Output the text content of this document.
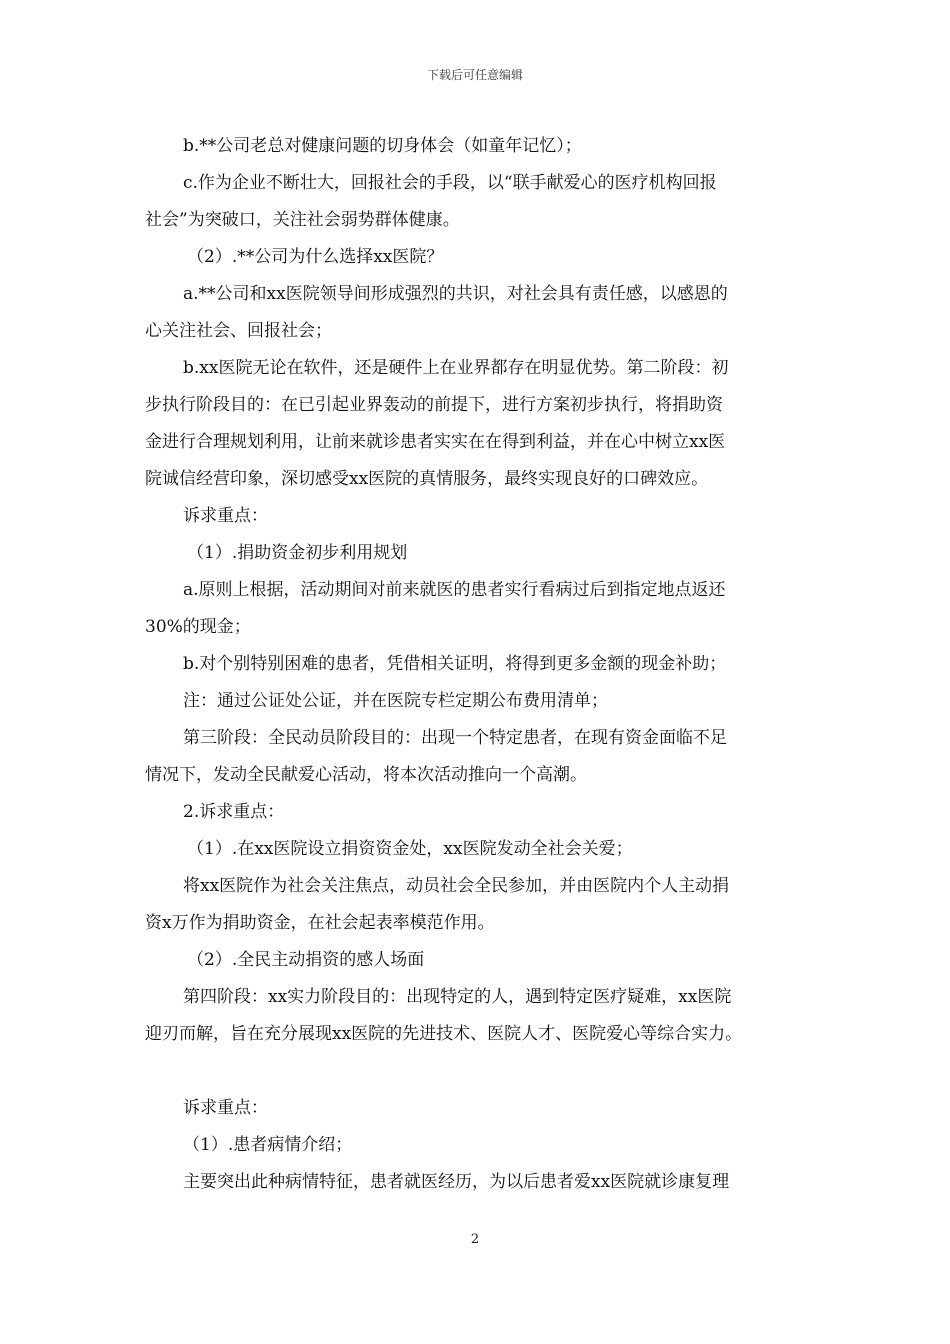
下载后可任意编辑

b.**公司老总对健康问题的切身体会（如童年记忆）；

c.作为企业不断壮大，回报社会的手段，以“联手献爱心的医疗机构回报

社会”为突破口，关注社会弱势群体健康。

（2）.**公司为什么选择xx医院？

a.**公司和xx医院领导间形成强烈的共识，对社会具有责任感，以感恩的

心关注社会、回报社会；

b.xx医院无论在软件，还是硬件上在业界都存在明显优势。第二阶段：初

步执行阶段目的：在已引起业界轰动的前提下，进行方案初步执行，将捐助资

金进行合理规划利用，让前来就诊患者实实在在得到利益，并在心中树立xx医

院诚信经营印象，深切感受xx医院的真情服务，最终实现良好的口碑效应。

诉求重点：

（1）.捐助资金初步利用规划

a.原则上根据，活动期间对前来就医的患者实行看病过后到指定地点返还

30%的现金；

b.对个别特别困难的患者，凭借相关证明，将得到更多金额的现金补助；

注：通过公证处公证，并在医院专栏定期公布费用清单；

第三阶段：全民动员阶段目的：出现一个特定患者，在现有资金面临不足

情况下，发动全民献爱心活动，将本次活动推向一个高潮。

2.诉求重点：

（1）.在xx医院设立捐资资金处，xx医院发动全社会关爱；

将xx医院作为社会关注焦点，动员社会全民参加，并由医院内个人主动捐

资x万作为捐助资金，在社会起表率模范作用。

（2）.全民主动捐资的感人场面

第四阶段：xx实力阶段目的：出现特定的人，遇到特定医疗疑难，xx医院

迎刃而解，旨在充分展现xx医院的先进技术、医院人才、医院爱心等综合实力。

诉求重点：

（1）.患者病情介绍；

主要突出此种病情特征，患者就医经历，为以后患者爱xx医院就诊康复理

2
